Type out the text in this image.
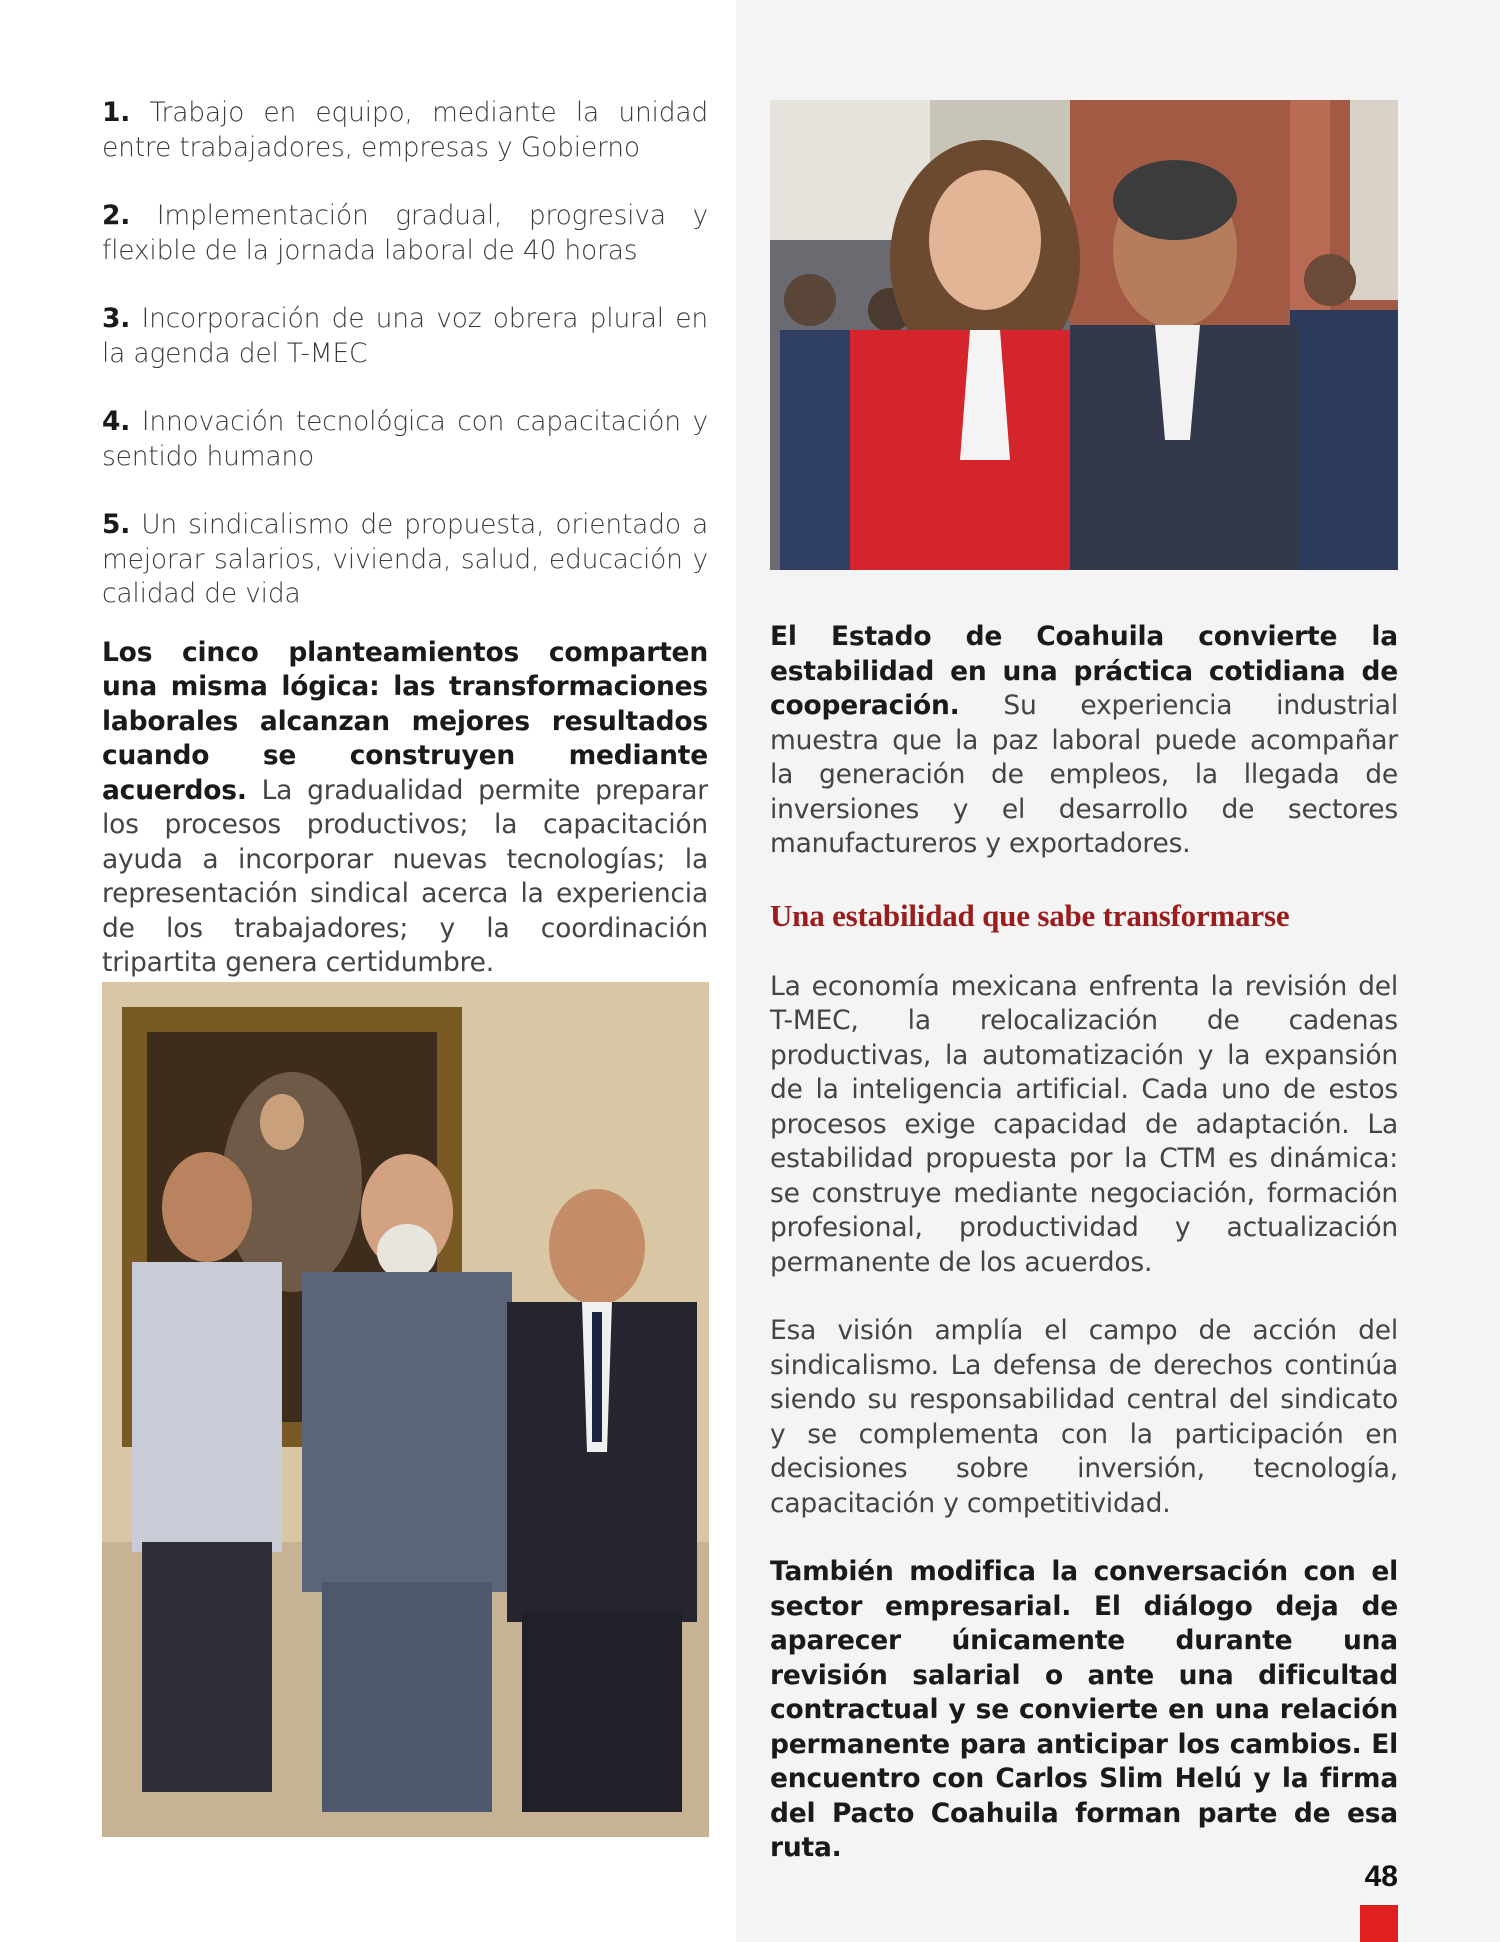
1. Trabajo en equipo, mediante la unidad entre trabajadores, empresas y Gobierno

2. Implementación gradual, progresiva y flexible de la jornada laboral de 40 horas

3. Incorporación de una voz obrera plural en la agenda del T-MEC

4. Innovación tecnológica con capacitación y sentido humano

5. Un sindicalismo de propuesta, orientado a mejorar salarios, vivienda, salud, educación y calidad de vida

Los cinco planteamientos comparten una misma lógica: las transformaciones laborales alcanzan mejores resultados cuando se construyen mediante acuerdos. La gradualidad permite preparar los procesos productivos; la capacitación ayuda a incorporar nuevas tecnologías; la representación sindical acerca la experiencia de los trabajadores; y la coordinación tripartita genera certidumbre.

El Estado de Coahuila convierte la estabilidad en una práctica cotidiana de cooperación. Su experiencia industrial muestra que la paz laboral puede acompañar la generación de empleos, la llegada de inversiones y el desarrollo de sectores manufactureros y exportadores.

Una estabilidad que sabe transformarse

La economía mexicana enfrenta la revisión del T-MEC, la relocalización de cadenas productivas, la automatización y la expansión de la inteligencia artificial. Cada uno de estos procesos exige capacidad de adaptación. La estabilidad propuesta por la CTM es dinámica: se construye mediante negociación, formación profesional, productividad y actualización permanente de los acuerdos.

Esa visión amplía el campo de acción del sindicalismo. La defensa de derechos continúa siendo su responsabilidad central del sindicato y se complementa con la participación en decisiones sobre inversión, tecnología, capacitación y competitividad.

También modifica la conversación con el sector empresarial. El diálogo deja de aparecer únicamente durante una revisión salarial o ante una dificultad contractual y se convierte en una relación permanente para anticipar los cambios. El encuentro con Carlos Slim Helú y la firma del Pacto Coahuila forman parte de esa ruta.

48
